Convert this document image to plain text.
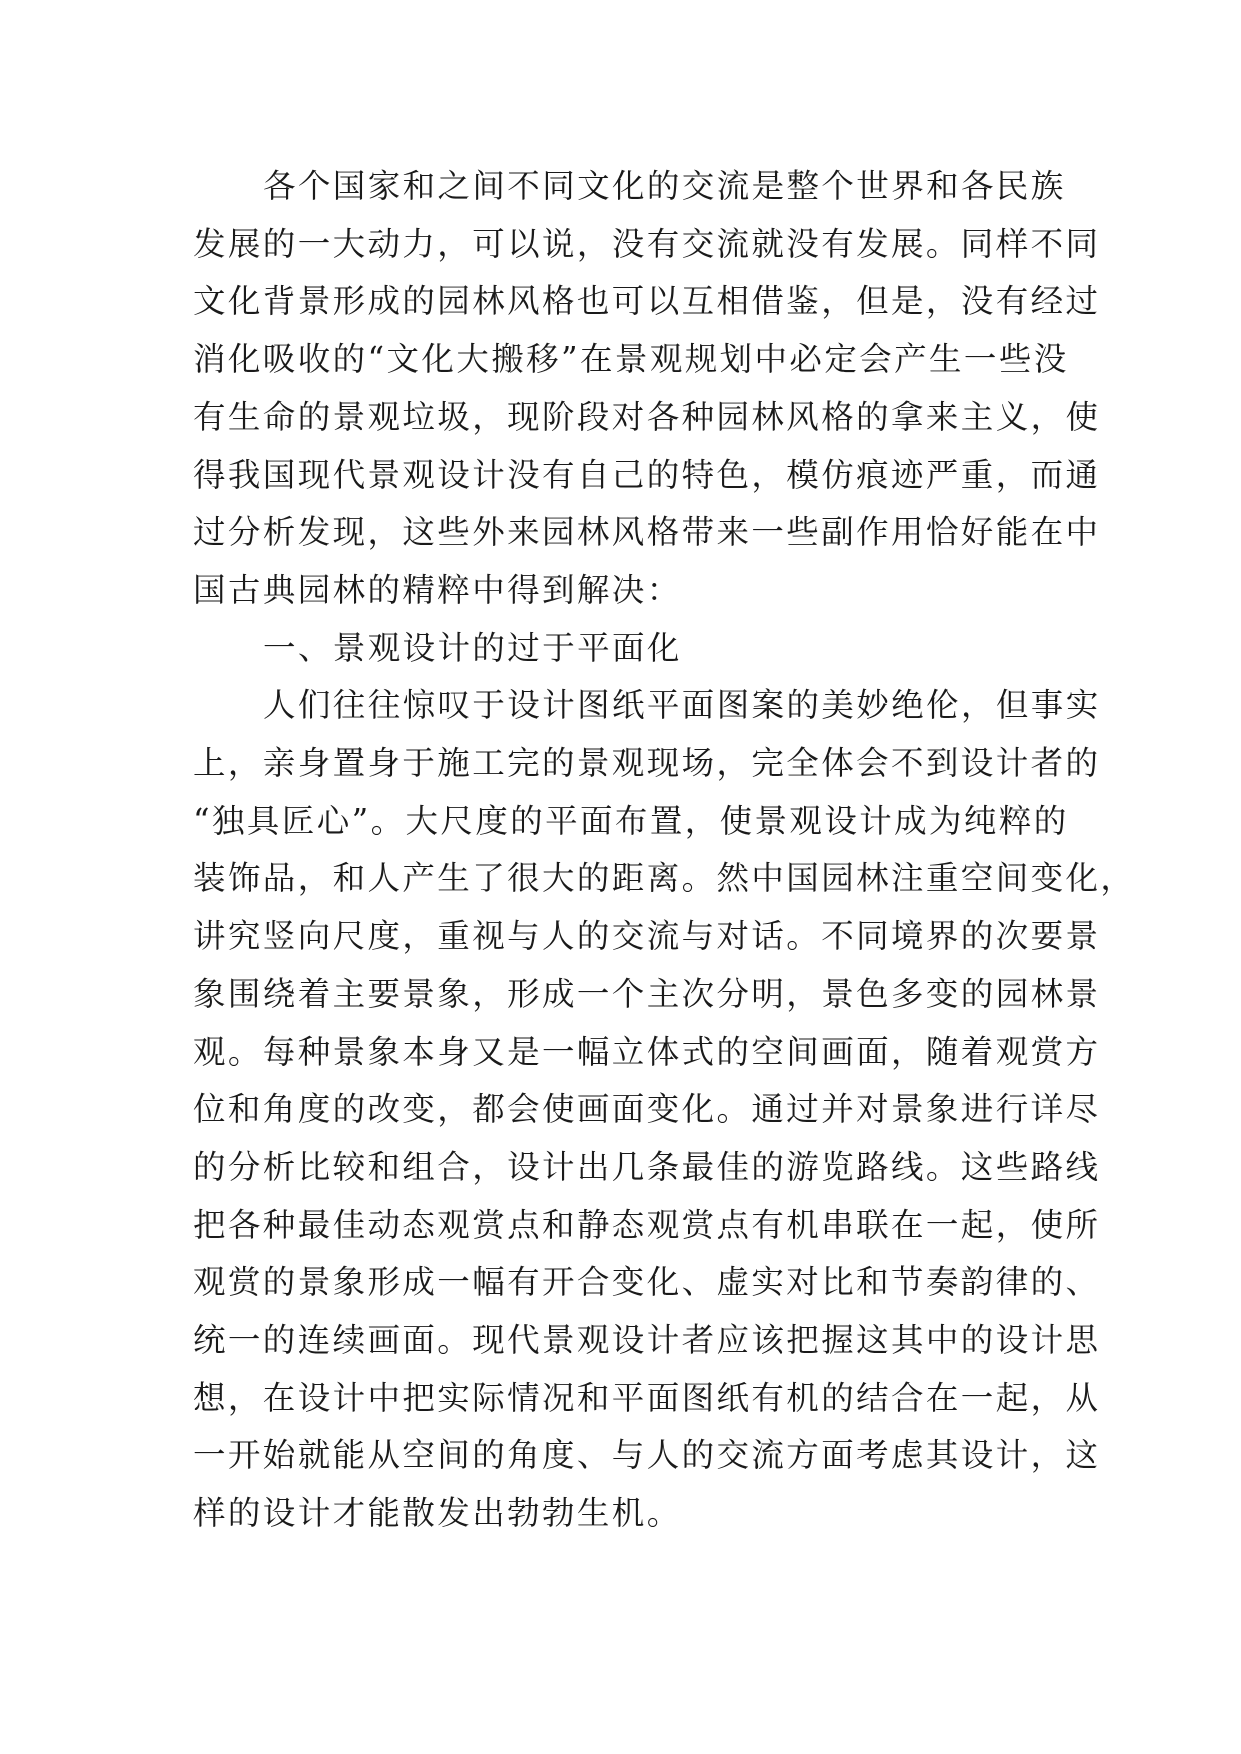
各个国家和之间不同文化的交流是整个世界和各民族
发展的一大动力，可以说，没有交流就没有发展。同样不同
文化背景形成的园林风格也可以互相借鉴，但是，没有经过
消化吸收的“文化大搬移”在景观规划中必定会产生一些没
有生命的景观垃圾，现阶段对各种园林风格的拿来主义，使
得我国现代景观设计没有自己的特色，模仿痕迹严重，而通
过分析发现，这些外来园林风格带来一些副作用恰好能在中
国古典园林的精粹中得到解决：

一、景观设计的过于平面化

人们往往惊叹于设计图纸平面图案的美妙绝伦，但事实
上，亲身置身于施工完的景观现场，完全体会不到设计者的
“独具匠心”。大尺度的平面布置，使景观设计成为纯粹的
装饰品，和人产生了很大的距离。然中国园林注重空间变化，
讲究竖向尺度，重视与人的交流与对话。不同境界的次要景
象围绕着主要景象，形成一个主次分明，景色多变的园林景
观。每种景象本身又是一幅立体式的空间画面，随着观赏方
位和角度的改变，都会使画面变化。通过并对景象进行详尽
的分析比较和组合，设计出几条最佳的游览路线。这些路线
把各种最佳动态观赏点和静态观赏点有机串联在一起，使所
观赏的景象形成一幅有开合变化、虚实对比和节奏韵律的、
统一的连续画面。现代景观设计者应该把握这其中的设计思
想，在设计中把实际情况和平面图纸有机的结合在一起，从
一开始就能从空间的角度、与人的交流方面考虑其设计，这
样的设计才能散发出勃勃生机。
